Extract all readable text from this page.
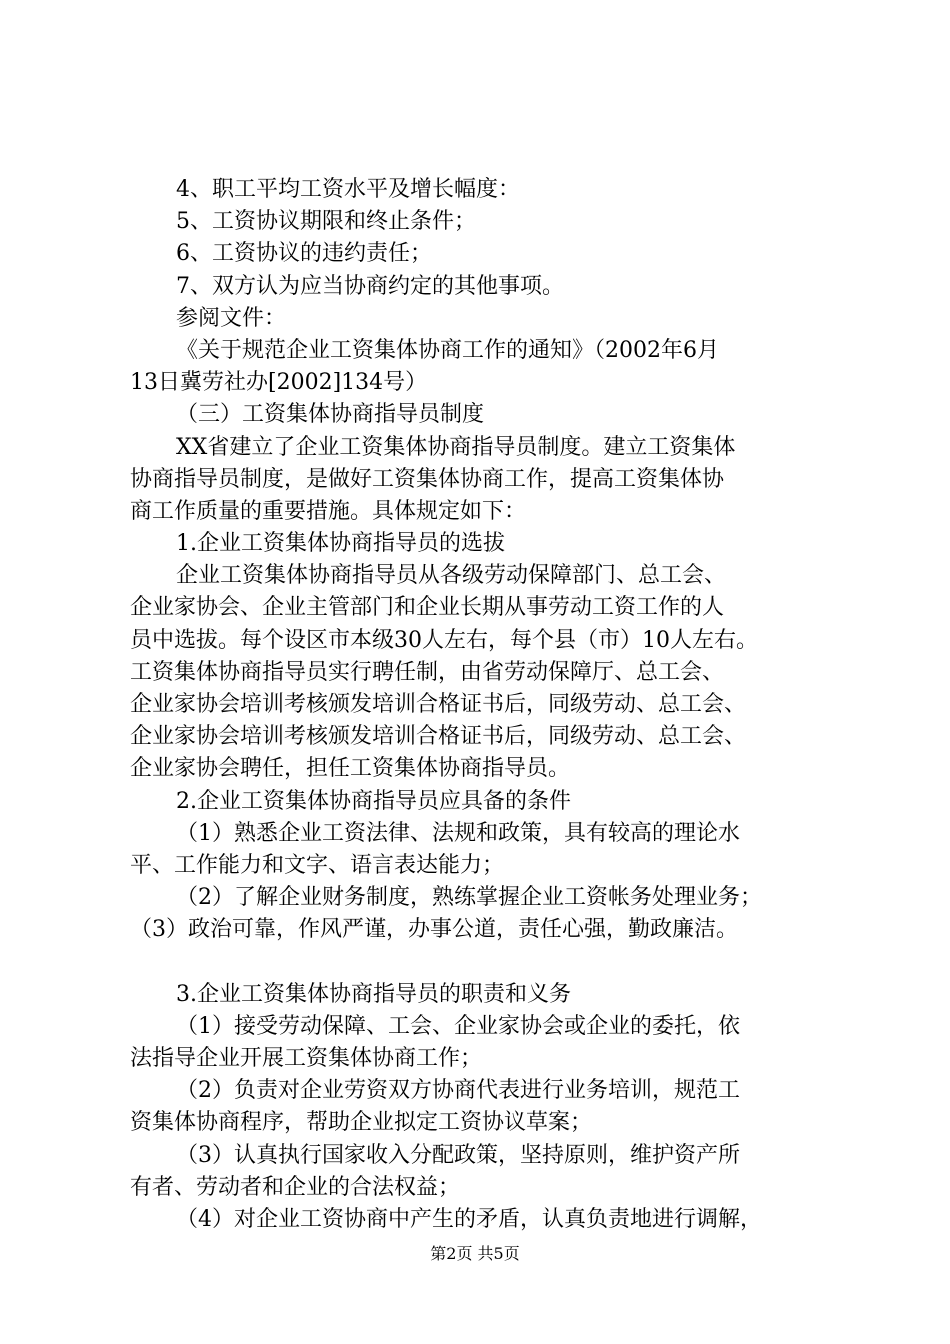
4、职工平均工资水平及增长幅度：
5、工资协议期限和终止条件；
6、工资协议的违约责任；
7、双方认为应当协商约定的其他事项。
参阅文件：
《关于规范企业工资集体协商工作的通知》（2002年6月
13日冀劳社办[2002]134号）
（三）工资集体协商指导员制度
XX省建立了企业工资集体协商指导员制度。建立工资集体
协商指导员制度，是做好工资集体协商工作，提高工资集体协
商工作质量的重要措施。具体规定如下：
1.企业工资集体协商指导员的选拔
企业工资集体协商指导员从各级劳动保障部门、总工会、
企业家协会、企业主管部门和企业长期从事劳动工资工作的人
员中选拔。每个设区市本级30人左右，每个县（市）10人左右。
工资集体协商指导员实行聘任制，由省劳动保障厅、总工会、
企业家协会培训考核颁发培训合格证书后，同级劳动、总工会、
企业家协会培训考核颁发培训合格证书后，同级劳动、总工会、
企业家协会聘任，担任工资集体协商指导员。
2.企业工资集体协商指导员应具备的条件
（1）熟悉企业工资法律、法规和政策，具有较高的理论水
平、工作能力和文字、语言表达能力；
（2）了解企业财务制度，熟练掌握企业工资帐务处理业务；
（3）政治可靠，作风严谨，办事公道，责任心强，勤政廉洁。
3.企业工资集体协商指导员的职责和义务
（1）接受劳动保障、工会、企业家协会或企业的委托，依
法指导企业开展工资集体协商工作；
（2）负责对企业劳资双方协商代表进行业务培训，规范工
资集体协商程序，帮助企业拟定工资协议草案；
（3）认真执行国家收入分配政策，坚持原则，维护资产所
有者、劳动者和企业的合法权益；
（4）对企业工资协商中产生的矛盾，认真负责地进行调解，
第2页 共5页
